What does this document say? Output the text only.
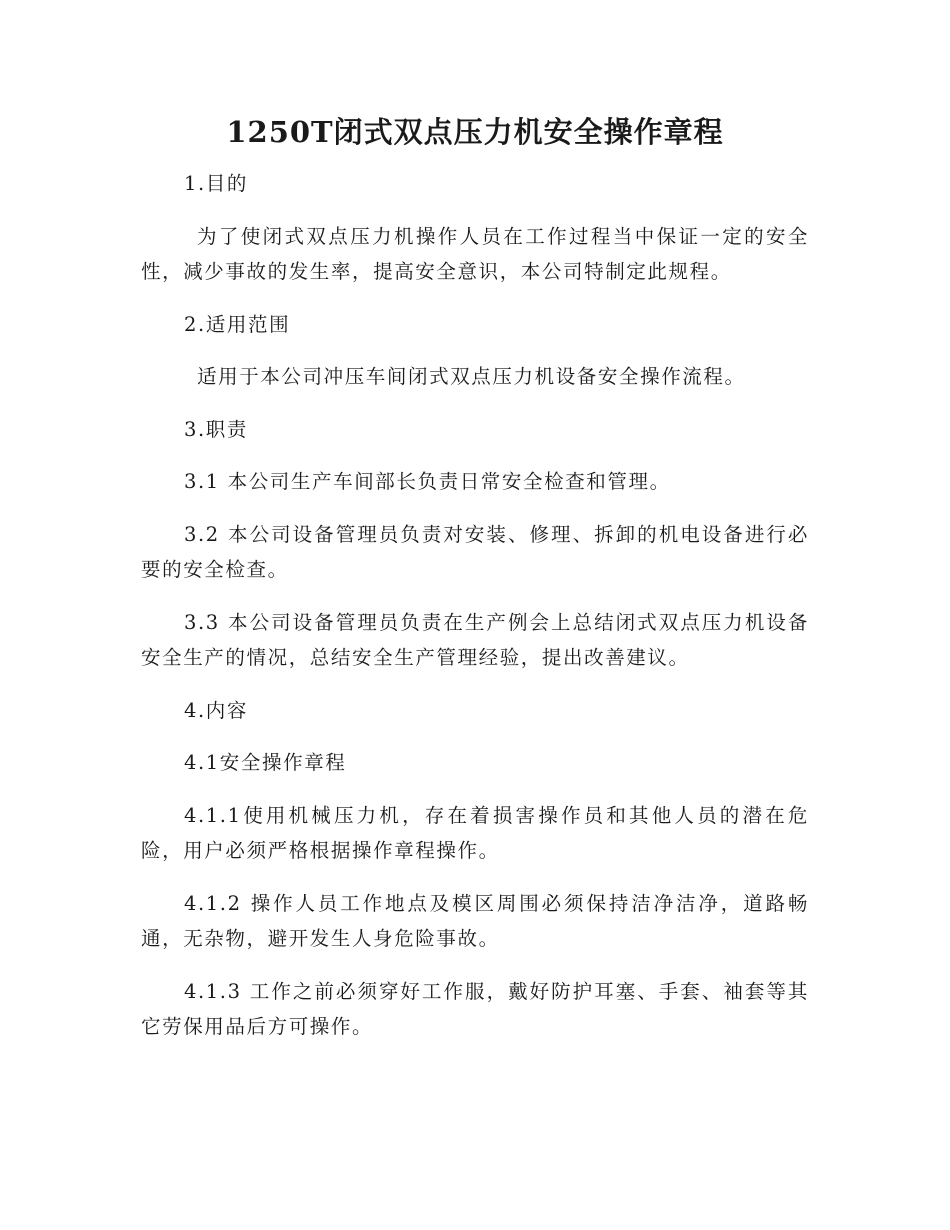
1250T闭式双点压力机安全操作章程

1.目的

为了使闭式双点压力机操作人员在工作过程当中保证一定的安全性，减少事故的发生率，提高安全意识，本公司特制定此规程。

2.适用范围

适用于本公司冲压车间闭式双点压力机设备安全操作流程。

3.职责

3.1 本公司生产车间部长负责日常安全检查和管理。

3.2 本公司设备管理员负责对安装、修理、拆卸的机电设备进行必要的安全检查。

3.3 本公司设备管理员负责在生产例会上总结闭式双点压力机设备安全生产的情况，总结安全生产管理经验，提出改善建议。

4.内容

4.1安全操作章程

4.1.1使用机械压力机，存在着损害操作员和其他人员的潜在危险，用户必须严格根据操作章程操作。

4.1.2 操作人员工作地点及模区周围必须保持洁净洁净，道路畅通，无杂物，避开发生人身危险事故。

4.1.3 工作之前必须穿好工作服，戴好防护耳塞、手套、袖套等其它劳保用品后方可操作。
